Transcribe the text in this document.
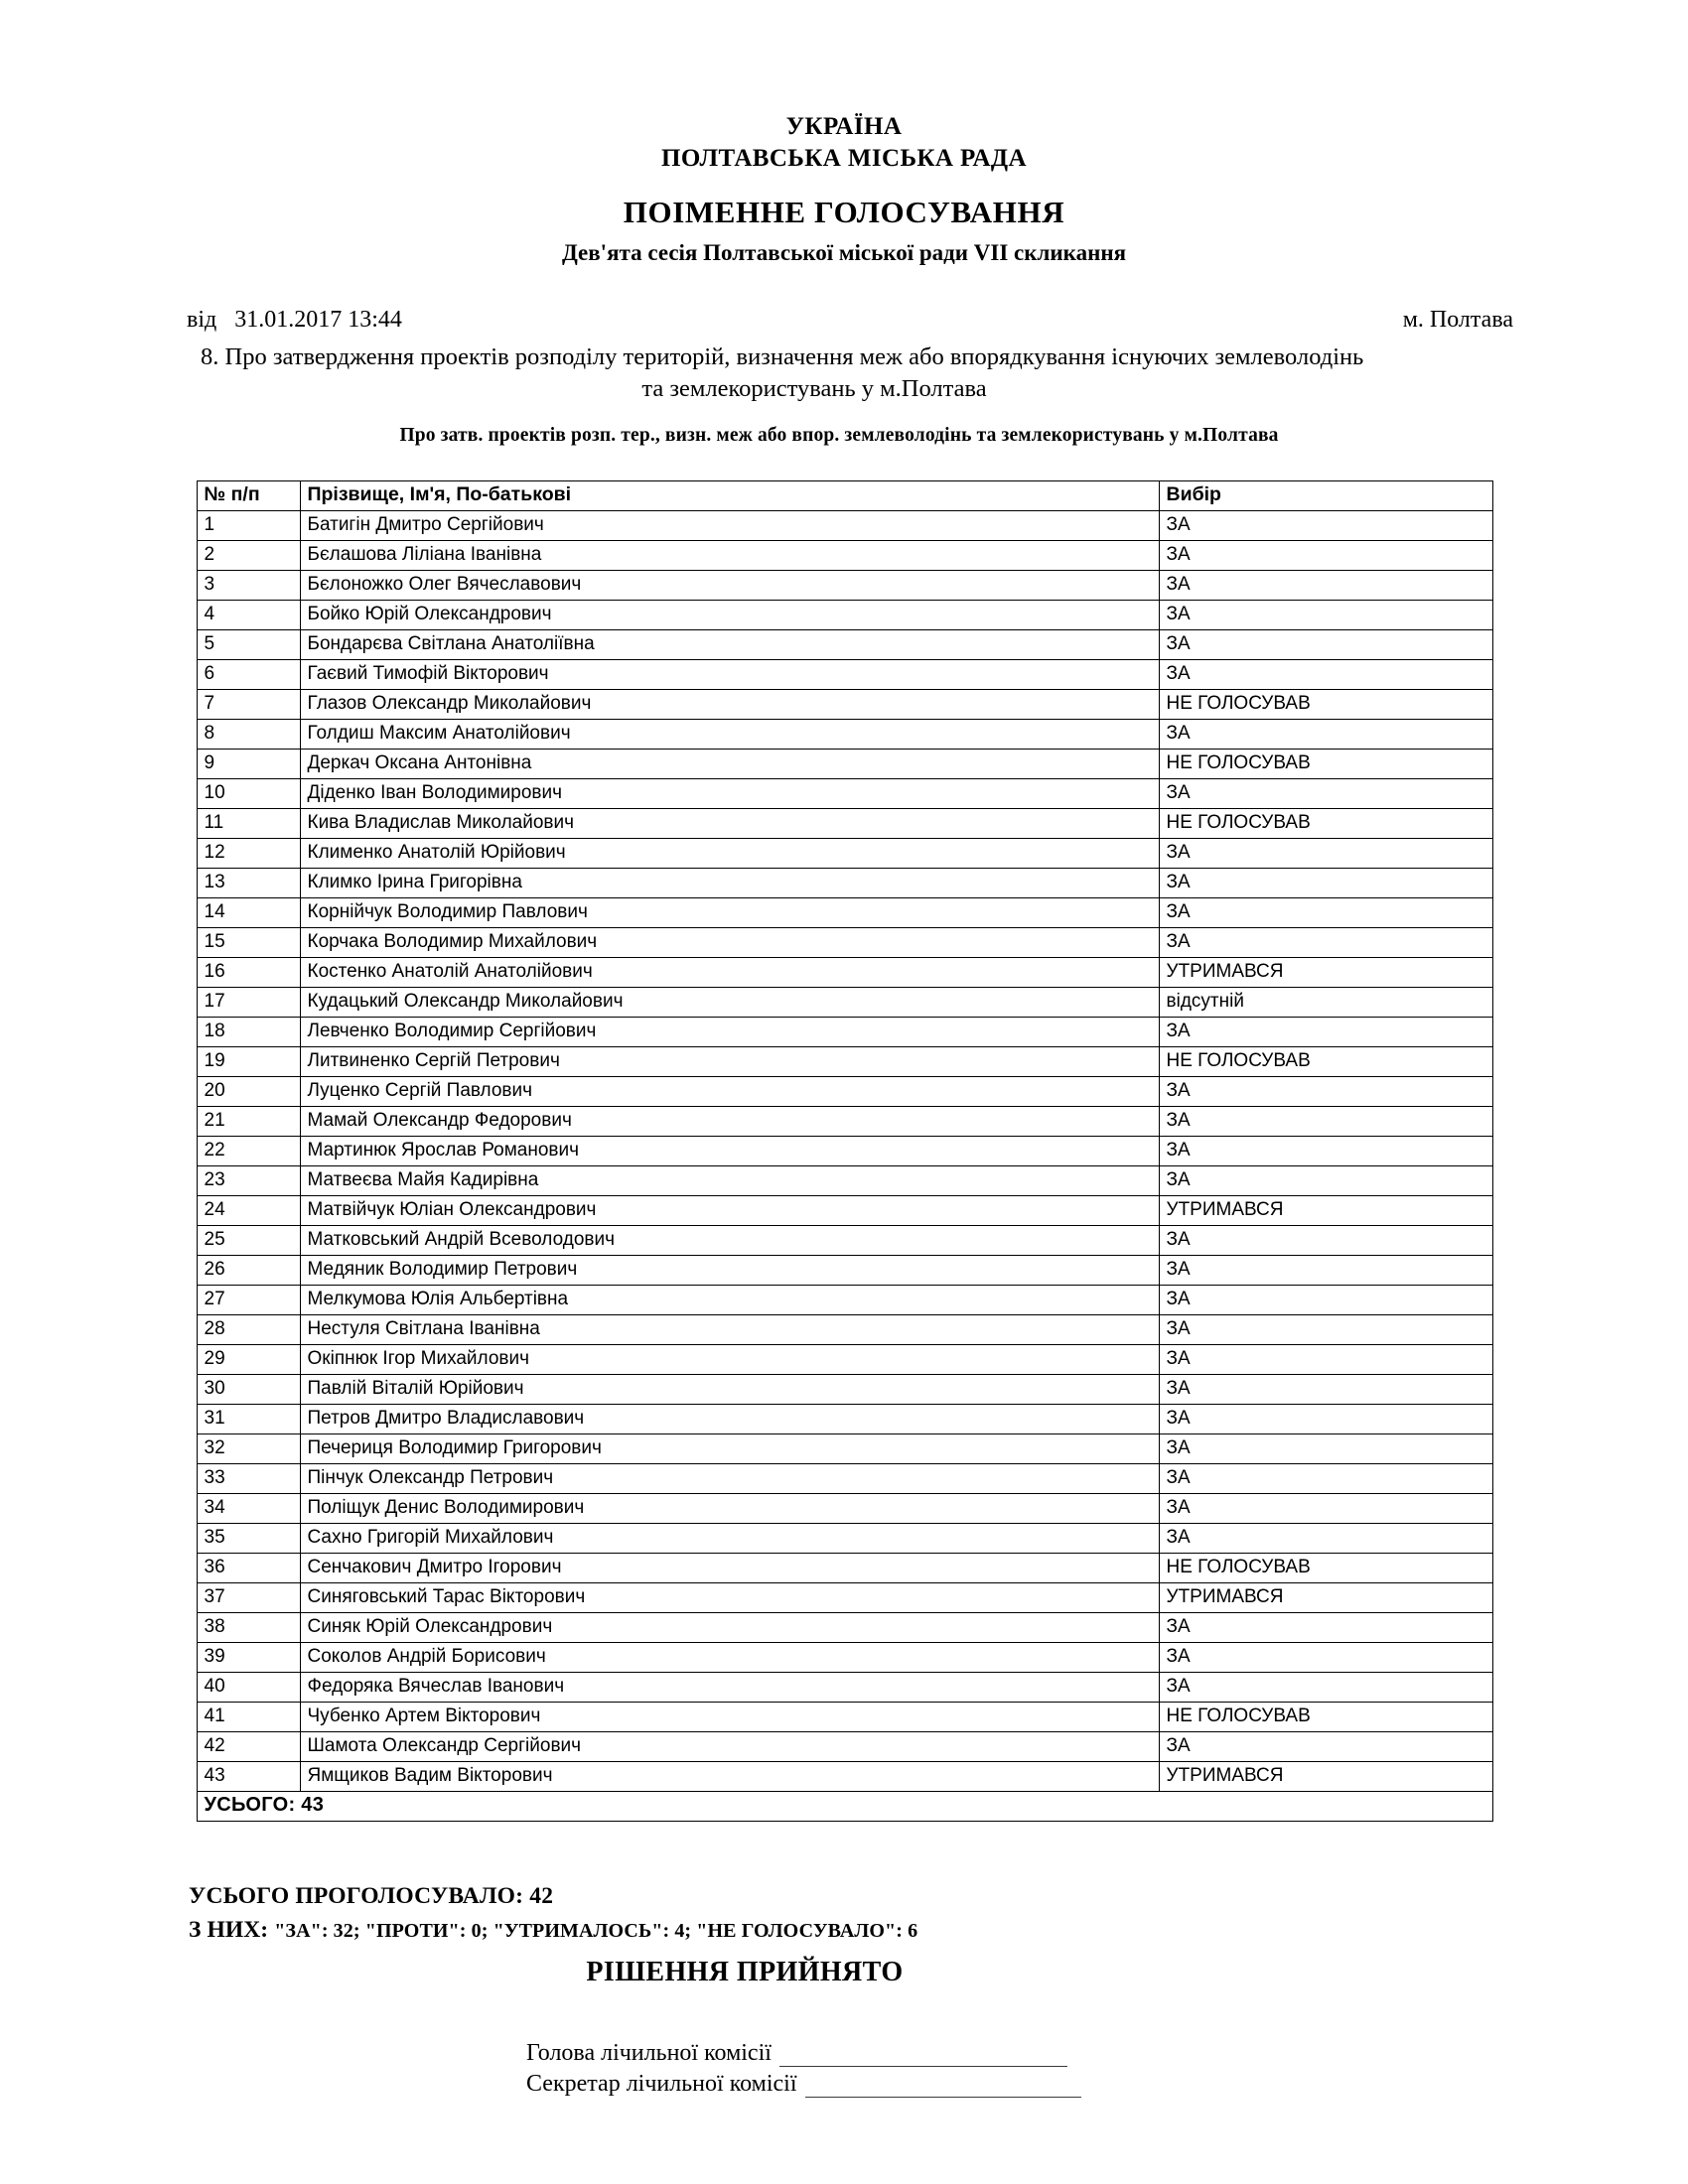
УКРАЇНА
ПОЛТАВСЬКА МІСЬКА РАДА
ПОІМЕННЕ ГОЛОСУВАННЯ
Дев'ята сесія Полтавської міської ради VII скликання
від   31.01.2017 13:44	м. Полтава
8. Про затвердження проектів розподілу територій, визначення меж або впорядкування існуючих землеволодінь
та землекористувань у м.Полтава
Про затв. проектів розп. тер., визн. меж або впор. землеволодінь та землекористувань у м.Полтава
№ п/п	Прізвище, Ім'я, По-батькові	Вибір
1	Батигін Дмитро Сергійович	ЗА
2	Бєлашова Ліліана Іванівна	ЗА
3	Бєлоножко Олег Вячеславович	ЗА
4	Бойко Юрій Олександрович	ЗА
5	Бондарєва Світлана Анатоліївна	ЗА
6	Гаєвий Тимофій Вікторович	ЗА
7	Глазов Олександр Миколайович	НЕ ГОЛОСУВАВ
8	Голдиш Максим Анатолійович	ЗА
9	Деркач Оксана Антонівна	НЕ ГОЛОСУВАВ
10	Діденко Іван Володимирович	ЗА
11	Кива Владислав Миколайович	НЕ ГОЛОСУВАВ
12	Клименко Анатолій Юрійович	ЗА
13	Климко Ірина Григорівна	ЗА
14	Корнійчук Володимир Павлович	ЗА
15	Корчака Володимир Михайлович	ЗА
16	Костенко Анатолій Анатолійович	УТРИМАВСЯ
17	Кудацький Олександр Миколайович	відсутній
18	Левченко Володимир Сергійович	ЗА
19	Литвиненко Сергій Петрович	НЕ ГОЛОСУВАВ
20	Луценко Сергій Павлович	ЗА
21	Мамай Олександр Федорович	ЗА
22	Мартинюк Ярослав Романович	ЗА
23	Матвеєва Майя Кадирівна	ЗА
24	Матвійчук Юліан Олександрович	УТРИМАВСЯ
25	Матковський Андрій Всеволодович	ЗА
26	Медяник Володимир Петрович	ЗА
27	Мелкумова Юлія Альбертівна	ЗА
28	Нестуля Світлана Іванівна	ЗА
29	Окіпнюк Ігор Михайлович	ЗА
30	Павлій Віталій Юрійович	ЗА
31	Петров Дмитро Владиславович	ЗА
32	Печериця Володимир Григорович	ЗА
33	Пінчук Олександр Петрович	ЗА
34	Поліщук Денис Володимирович	ЗА
35	Сахно Григорій Михайлович	ЗА
36	Сенчакович Дмитро Ігорович	НЕ ГОЛОСУВАВ
37	Синяговський Тарас Вікторович	УТРИМАВСЯ
38	Синяк Юрій Олександрович	ЗА
39	Соколов Андрій Борисович	ЗА
40	Федоряка Вячеслав Іванович	ЗА
41	Чубенко Артем Вікторович	НЕ ГОЛОСУВАВ
42	Шамота Олександр Сергійович	ЗА
43	Ямщиков Вадим Вікторович	УТРИМАВСЯ
УСЬОГО: 43		
УСЬОГО ПРОГОЛОСУВАЛО: 42
З НИХ: "ЗА": 32; "ПРОТИ": 0; "УТРИМАЛОСЬ": 4; "НЕ ГОЛОСУВАЛО": 6
РІШЕННЯ ПРИЙНЯТО
Голова лічильної комісії
Секретар лічильної комісії
